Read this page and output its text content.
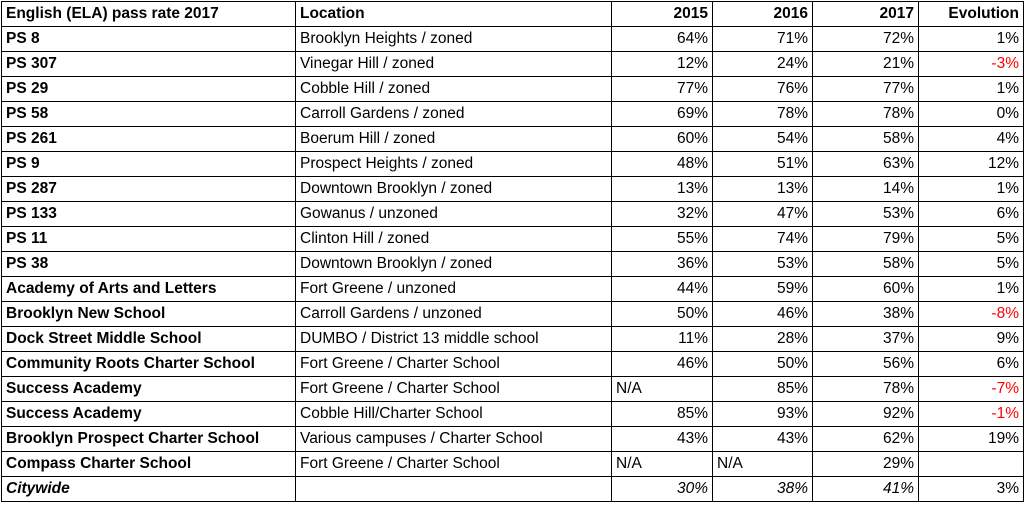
English (ELA) pass rate 2017	Location	2015	2016	2017	Evolution
PS 8	Brooklyn Heights / zoned	64%	71%	72%	1%
PS 307	Vinegar Hill / zoned	12%	24%	21%	-3%
PS 29	Cobble Hill / zoned	77%	76%	77%	1%
PS 58	Carroll Gardens / zoned	69%	78%	78%	0%
PS 261	Boerum Hill / zoned	60%	54%	58%	4%
PS 9	Prospect Heights / zoned	48%	51%	63%	12%
PS 287	Downtown Brooklyn / zoned	13%	13%	14%	1%
PS 133	Gowanus / unzoned	32%	47%	53%	6%
PS 11	Clinton Hill / zoned	55%	74%	79%	5%
PS 38	Downtown Brooklyn / zoned	36%	53%	58%	5%
Academy of Arts and Letters	Fort Greene / unzoned	44%	59%	60%	1%
Brooklyn New School	Carroll Gardens / unzoned	50%	46%	38%	-8%
Dock Street Middle School	DUMBO / District 13 middle school	11%	28%	37%	9%
Community Roots Charter School	Fort Greene / Charter School	46%	50%	56%	6%
Success Academy	Fort Greene / Charter School	N/A	85%	78%	-7%
Success Academy	Cobble Hill/Charter School	85%	93%	92%	-1%
Brooklyn Prospect Charter School	Various campuses / Charter School	43%	43%	62%	19%
Compass Charter School	Fort Greene / Charter School	N/A	N/A	29%	
Citywide		30%	38%	41%	3%
